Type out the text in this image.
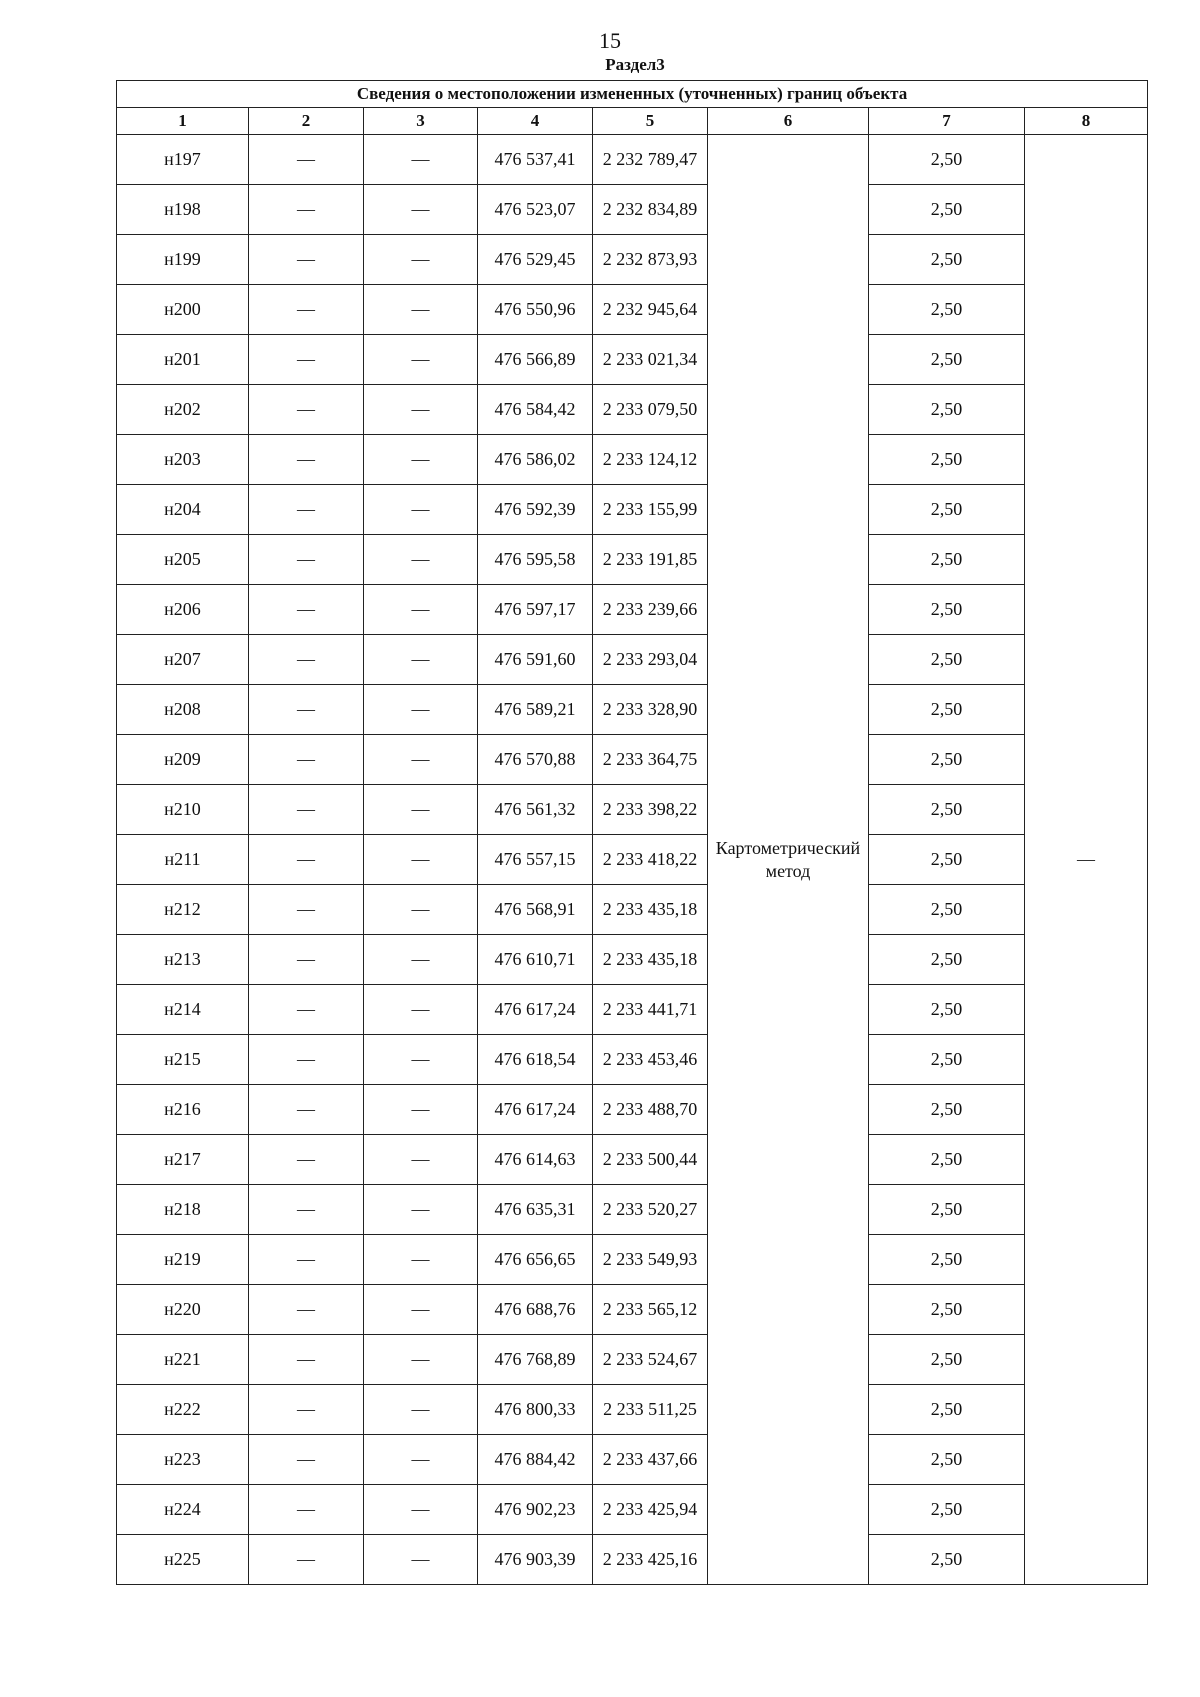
15
Раздел3
Сведения о местоположении измененных (уточненных) границ объекта							
1	2	3	4	5	6	7	8
н197	—	—	476 537,41	2 232 789,47	Картометрический метод	2,50	—
н198	—	—	476 523,07	2 232 834,89		2,50	
н199	—	—	476 529,45	2 232 873,93		2,50	
н200	—	—	476 550,96	2 232 945,64		2,50	
н201	—	—	476 566,89	2 233 021,34		2,50	
н202	—	—	476 584,42	2 233 079,50		2,50	
н203	—	—	476 586,02	2 233 124,12		2,50	
н204	—	—	476 592,39	2 233 155,99		2,50	
н205	—	—	476 595,58	2 233 191,85		2,50	
н206	—	—	476 597,17	2 233 239,66		2,50	
н207	—	—	476 591,60	2 233 293,04		2,50	
н208	—	—	476 589,21	2 233 328,90		2,50	
н209	—	—	476 570,88	2 233 364,75		2,50	
н210	—	—	476 561,32	2 233 398,22		2,50	
н211	—	—	476 557,15	2 233 418,22		2,50	
н212	—	—	476 568,91	2 233 435,18		2,50	
н213	—	—	476 610,71	2 233 435,18		2,50	
н214	—	—	476 617,24	2 233 441,71		2,50	
н215	—	—	476 618,54	2 233 453,46		2,50	
н216	—	—	476 617,24	2 233 488,70		2,50	
н217	—	—	476 614,63	2 233 500,44		2,50	
н218	—	—	476 635,31	2 233 520,27		2,50	
н219	—	—	476 656,65	2 233 549,93		2,50	
н220	—	—	476 688,76	2 233 565,12		2,50	
н221	—	—	476 768,89	2 233 524,67		2,50	
н222	—	—	476 800,33	2 233 511,25		2,50	
н223	—	—	476 884,42	2 233 437,66		2,50	
н224	—	—	476 902,23	2 233 425,94		2,50	
н225	—	—	476 903,39	2 233 425,16		2,50	
